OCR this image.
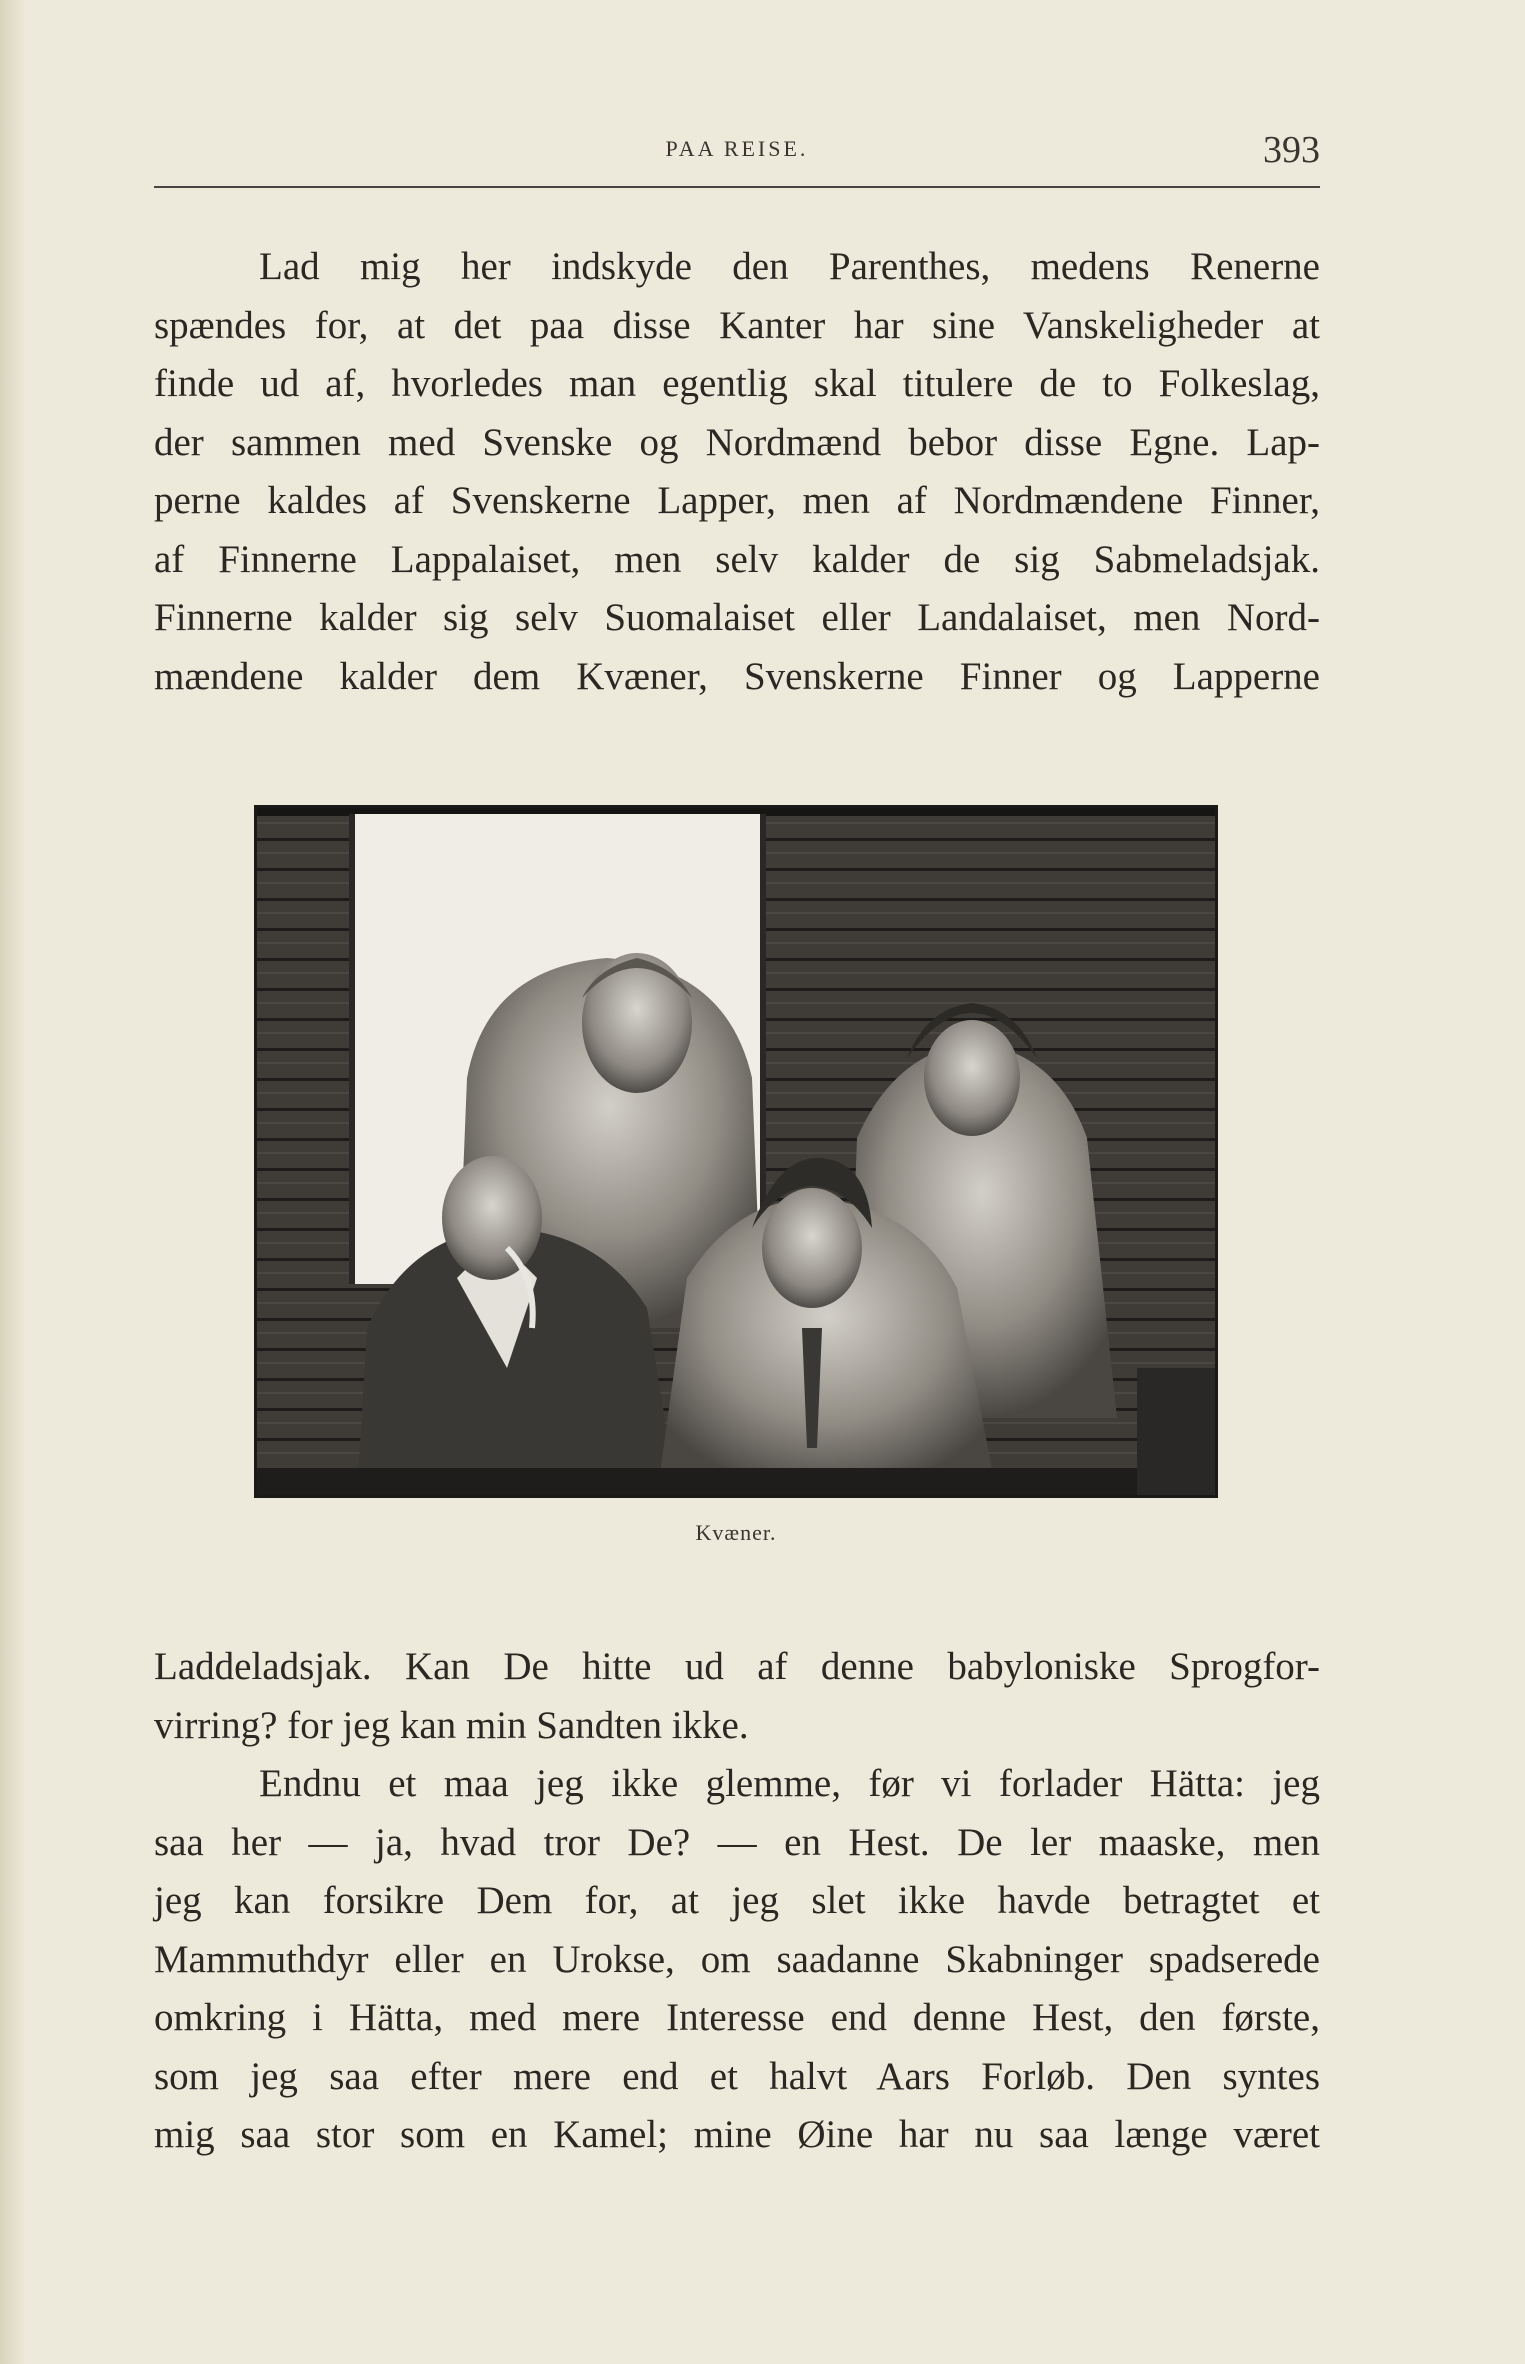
PAA REISE.	393
Lad mig her indskyde den Parenthes, medens Renerne
spændes for, at det paa disse Kanter har sine Vanskeligheder at
finde ud af, hvorledes man egentlig skal titulere de to Folkeslag,
der sammen med Svenske og Nordmænd bebor disse Egne. Lap-
perne kaldes af Svenskerne Lapper, men af Nordmændene Finner,
af Finnerne Lappalaiset, men selv kalder de sig Sabmeladsjak.
Finnerne kalder sig selv Suomalaiset eller Landalaiset, men Nord-
mændene kalder dem Kvæner, Svenskerne Finner og Lapperne
Kvæner.
Laddeladsjak. Kan De hitte ud af denne babyloniske Sprogfor-
virring? for jeg kan min Sandten ikke.
Endnu et maa jeg ikke glemme, før vi forlader Hätta: jeg
saa her — ja, hvad tror De? — en Hest. De ler maaske, men
jeg kan forsikre Dem for, at jeg slet ikke havde betragtet et
Mammuthdyr eller en Urokse, om saadanne Skabninger spadserede
omkring i Hätta, med mere Interesse end denne Hest, den første,
som jeg saa efter mere end et halvt Aars Forløb. Den syntes
mig saa stor som en Kamel; mine Øine har nu saa længe været
